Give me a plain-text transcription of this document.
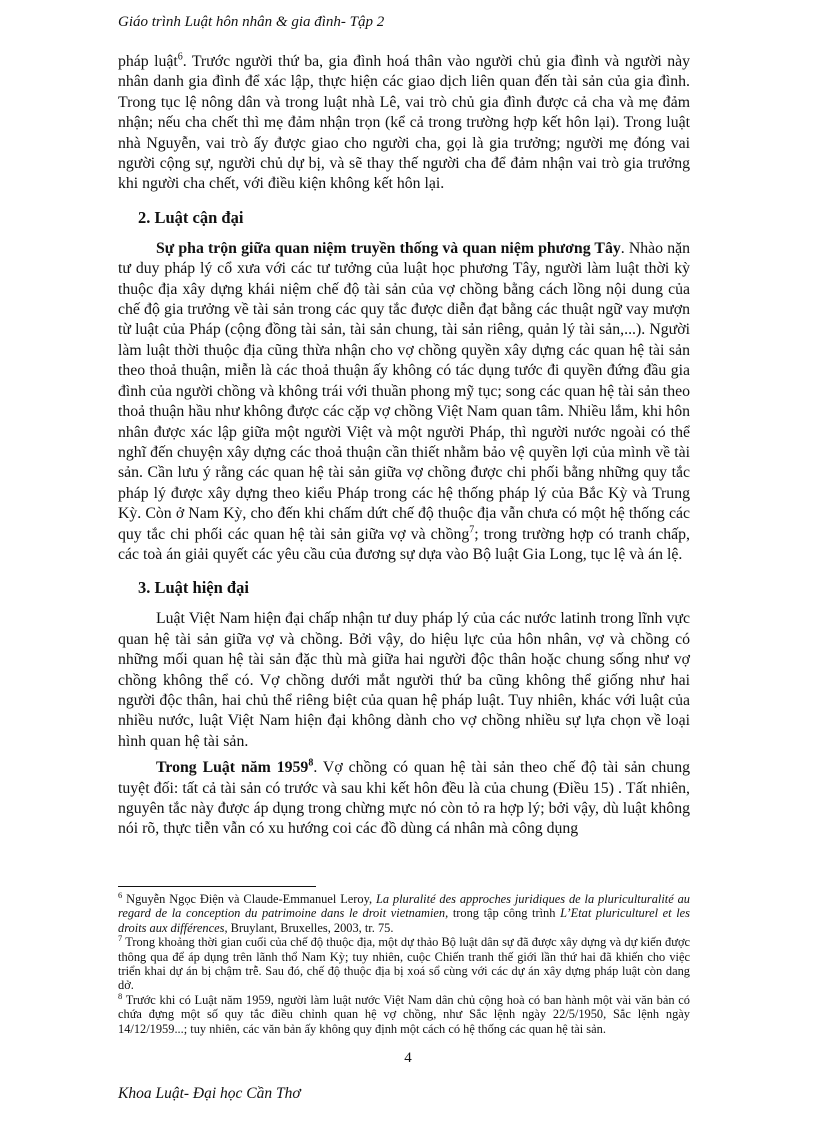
Giáo trình Luật hôn nhân & gia đình- Tập 2

pháp luật$^6$. Trước người thứ ba, gia đình hoá thân vào người chủ gia đình và người này nhân danh gia đình để xác lập, thực hiện các giao dịch liên quan đến tài sản của gia đình. Trong tục lệ nông dân và trong luật nhà Lê, vai trò chủ gia đình được cả cha và mẹ đảm nhận; nếu cha chết thì mẹ đảm nhận trọn (kể cả trong trường hợp kết hôn lại). Trong luật nhà Nguyễn, vai trò ấy được giao cho người cha, gọi là gia trưởng; người mẹ đóng vai người cộng sự, người chủ dự bị, và sẽ thay thế người cha để đảm nhận vai trò gia trưởng khi người cha chết, với điều kiện không kết hôn lại.

2. Luật cận đại

Sự pha trộn giữa quan niệm truyền thống và quan niệm phương Tây. Nhào nặn tư duy pháp lý cổ xưa với các tư tưởng của luật học phương Tây, người làm luật thời kỳ thuộc địa xây dựng khái niệm chế độ tài sản của vợ chồng bằng cách lồng nội dung của chế độ gia trưởng về tài sản trong các quy tắc được diễn đạt bằng các thuật ngữ vay mượn từ luật của Pháp (cộng đồng tài sản, tài sản chung, tài sản riêng, quản lý tài sản,...). Người làm luật thời thuộc địa cũng thừa nhận cho vợ chồng quyền xây dựng các quan hệ tài sản theo thoả thuận, miễn là các thoả thuận ấy không có tác dụng tước đi quyền đứng đầu gia đình của người chồng và không trái với thuần phong mỹ tục; song các quan hệ tài sản theo thoả thuận hầu như không được các cặp vợ chồng Việt Nam quan tâm. Nhiều lắm, khi hôn nhân được xác lập giữa một người Việt và một người Pháp, thì người nước ngoài có thể nghĩ đến chuyện xây dựng các thoả thuận cần thiết nhằm bảo vệ quyền lợi của mình về tài sản. Cần lưu ý rằng các quan hệ tài sản giữa vợ chồng được chi phối bằng những quy tắc pháp lý được xây dựng theo kiểu Pháp trong các hệ thống pháp lý của Bắc Kỳ và Trung Kỳ. Còn ở Nam Kỳ, cho đến khi chấm dứt chế độ thuộc địa vẫn chưa có một hệ thống các quy tắc chi phối các quan hệ tài sản giữa vợ và chồng$^7$; trong trường hợp có tranh chấp, các toà án giải quyết các yêu cầu của đương sự dựa vào Bộ luật Gia Long, tục lệ và án lệ.

3. Luật hiện đại

Luật Việt Nam hiện đại chấp nhận tư duy pháp lý của các nước latinh trong lĩnh vực quan hệ tài sản giữa vợ và chồng. Bởi vậy, do hiệu lực của hôn nhân, vợ và chồng có những mối quan hệ tài sản đặc thù mà giữa hai người độc thân hoặc chung sống như vợ chồng không thể có. Vợ chồng dưới mắt người thứ ba cũng không thể giống như hai người độc thân, hai chủ thể riêng biệt của quan hệ pháp luật. Tuy nhiên, khác với luật của nhiều nước, luật Việt Nam hiện đại không dành cho vợ chồng nhiều sự lựa chọn về loại hình quan hệ tài sản.

Trong Luật năm 1959$^8$. Vợ chồng có quan hệ tài sản theo chế độ tài sản chung tuyệt đối: tất cả tài sản có trước và sau khi kết hôn đều là của chung (Điều 15) . Tất nhiên, nguyên tắc này được áp dụng trong chừng mực nó còn tỏ ra hợp lý; bởi vậy, dù luật không nói rõ, thực tiễn vẫn có xu hướng coi các đồ dùng cá nhân mà công dụng

$^6$ Nguyễn Ngọc Điện và Claude-Emmanuel Leroy, La pluralité des approches juridiques de la pluriculturalité au regard de la conception du patrimoine dans le droit vietnamien, trong tập công trình L’Etat pluriculturel et les droits aux différences, Bruylant, Bruxelles, 2003, tr. 75.

$^7$ Trong khoảng thời gian cuối của chế độ thuộc địa, một dự thảo Bộ luật dân sự đã được xây dựng và dự kiến được thông qua để áp dụng trên lãnh thổ Nam Kỳ; tuy nhiên, cuộc Chiến tranh thế giới lần thứ hai đã khiến cho việc triển khai dự án bị chậm trễ. Sau đó, chế độ thuộc địa bị xoá sổ cùng với các dự án xây dựng pháp luật còn dang dở.

$^8$ Trước khi có Luật năm 1959, người làm luật nước Việt Nam dân chủ cộng hoà có ban hành một vài văn bản có chứa đựng một số quy tắc điều chỉnh quan hệ vợ chồng, như Sắc lệnh ngày 22/5/1950, Sắc lệnh ngày 14/12/1959...; tuy nhiên, các văn bản ấy không quy định một cách có hệ thống các quan hệ tài sản.

4
Khoa Luật- Đại học Cần Thơ
